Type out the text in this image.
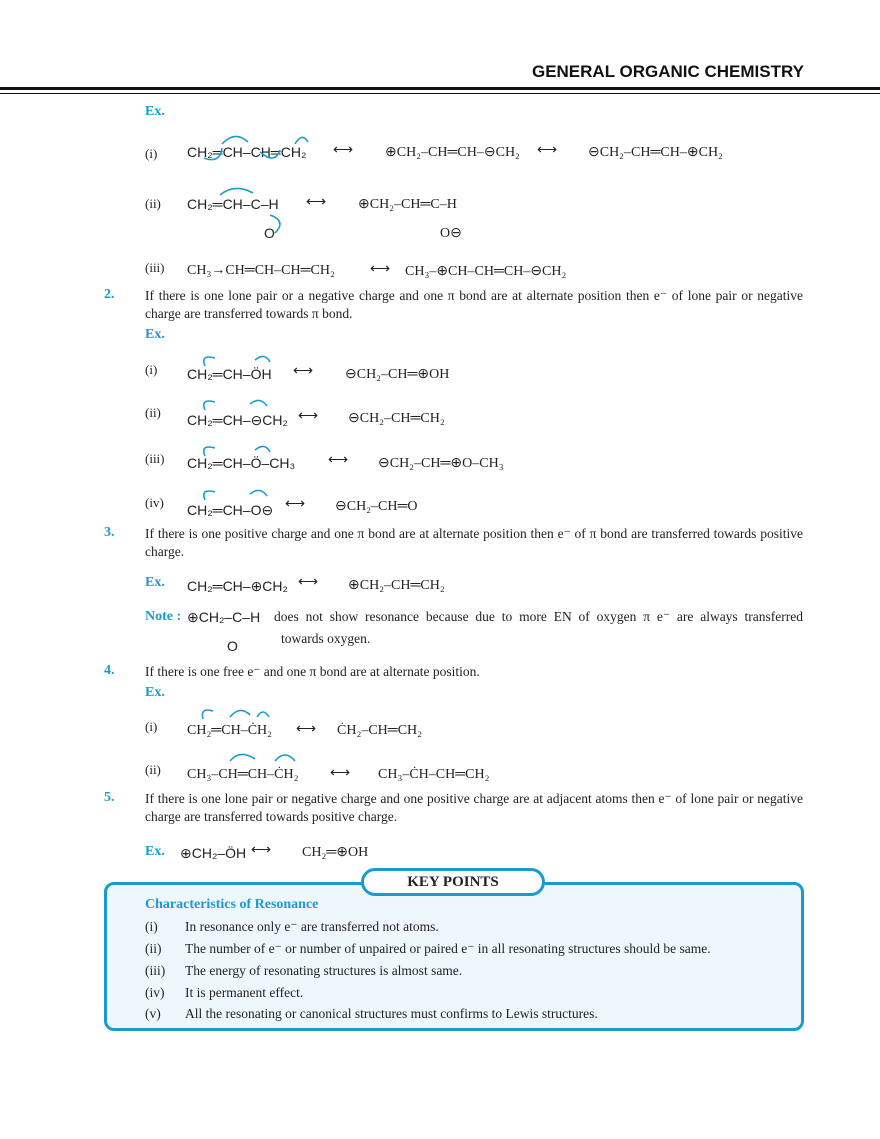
GENERAL ORGANIC CHEMISTRY
Ex.
(i) CH₂═CH–CH═CH₂ ⟷ ⊕CH₂–CH═CH–⊖CH₂ ⟷ ⊖CH₂–CH═CH–⊕CH₂
(ii) CH₂═CH–C–H
O
⟷ ⊕CH₂–CH═C–H
O⊖
(iii) CH₃→CH═CH–CH═CH₂	⟷ CH₃–⊕CH–CH═CH–⊖CH₂
2. If there is one lone pair or a negative charge and one π bond are at alternate position then e⁻ of lone pair or negative charge are transferred towards π bond.
Ex.
(i) CH₂═CH–ÖH ⟷ ⊖CH₂–CH═⊕OH
(ii) CH₂═CH–⊖CH₂ ⟷ ⊖CH₂–CH═CH₂
(iii) CH₂═CH–Ö–CH₃ ⟷ ⊖CH₂–CH═⊕O–CH₃
(iv) CH₂═CH–O⊖ ⟷ ⊖CH₂–CH═O
3. If there is one positive charge and one π bond are at alternate position then e⁻ of π bond are transferred towards positive charge.
Ex. CH₂═CH–⊕CH₂ ⟷ ⊕CH₂–CH═CH₂
Note : ⊕CH₂–C–H
O
does not show resonance because due to more EN of oxygen π e⁻ are always transferred
towards oxygen.
4. If there is one free e⁻ and one π bond are at alternate position.
Ex.
(i) CH₂═CH–ĊH₂ ⟷ ĊH₂–CH═CH₂
(ii) CH₃–CH═CH–ĊH₂ ⟷ CH₃–ĊH–CH═CH₂
5. If there is one lone pair or negative charge and one positive charge are at adjacent atoms then e⁻ of lone pair or negative charge are transferred towards positive charge.
Ex. ⊕CH₂–ÖH ⟷ CH₂═⊕OH
KEY POINTS
Characteristics of Resonance
(i) In resonance only e⁻ are transferred not atoms.
(ii) The number of e⁻ or number of unpaired or paired e⁻ in all resonating structures should be same.
(iii) The energy of resonating structures is almost same.
(iv) It is permanent effect.
(v) All the resonating or canonical structures must confirms to Lewis structures.
